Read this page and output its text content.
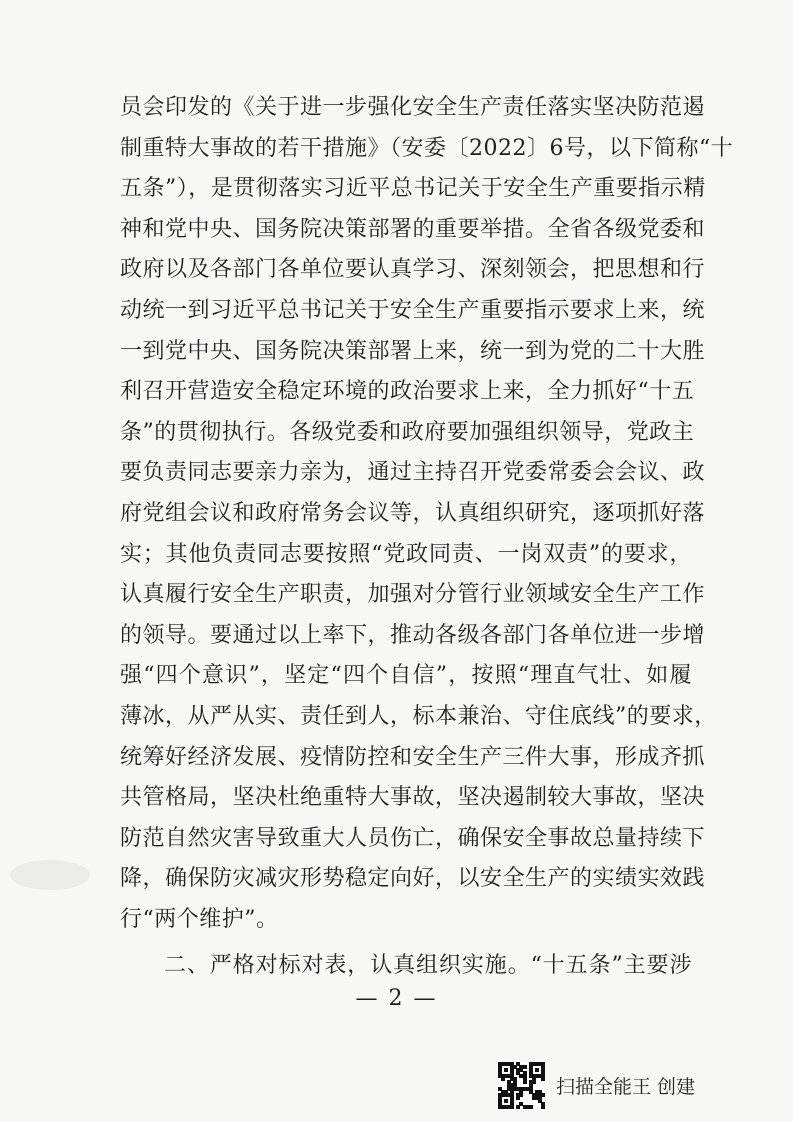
员会印发的《关于进一步强化安全生产责任落实坚决防范遏
制重特大事故的若干措施》（安委〔2022〕6号，以下简称“十
五条”），是贯彻落实习近平总书记关于安全生产重要指示精
神和党中央、国务院决策部署的重要举措。全省各级党委和
政府以及各部门各单位要认真学习、深刻领会，把思想和行
动统一到习近平总书记关于安全生产重要指示要求上来，统
一到党中央、国务院决策部署上来，统一到为党的二十大胜
利召开营造安全稳定环境的政治要求上来，全力抓好“十五
条”的贯彻执行。各级党委和政府要加强组织领导，党政主
要负责同志要亲力亲为，通过主持召开党委常委会会议、政
府党组会议和政府常务会议等，认真组织研究，逐项抓好落
实；其他负责同志要按照“党政同责、一岗双责”的要求，
认真履行安全生产职责，加强对分管行业领域安全生产工作
的领导。要通过以上率下，推动各级各部门各单位进一步增
强“四个意识”，坚定“四个自信”，按照“理直气壮、如履
薄冰，从严从实、责任到人，标本兼治、守住底线”的要求，
统筹好经济发展、疫情防控和安全生产三件大事，形成齐抓
共管格局，坚决杜绝重特大事故，坚决遏制较大事故，坚决
防范自然灾害导致重大人员伤亡，确保安全事故总量持续下
降，确保防灾减灾形势稳定向好，以安全生产的实绩实效践
行“两个维护”。
二、严格对标对表，认真组织实施。“十五条”主要涉
— 2 —
扫描全能王 创建
